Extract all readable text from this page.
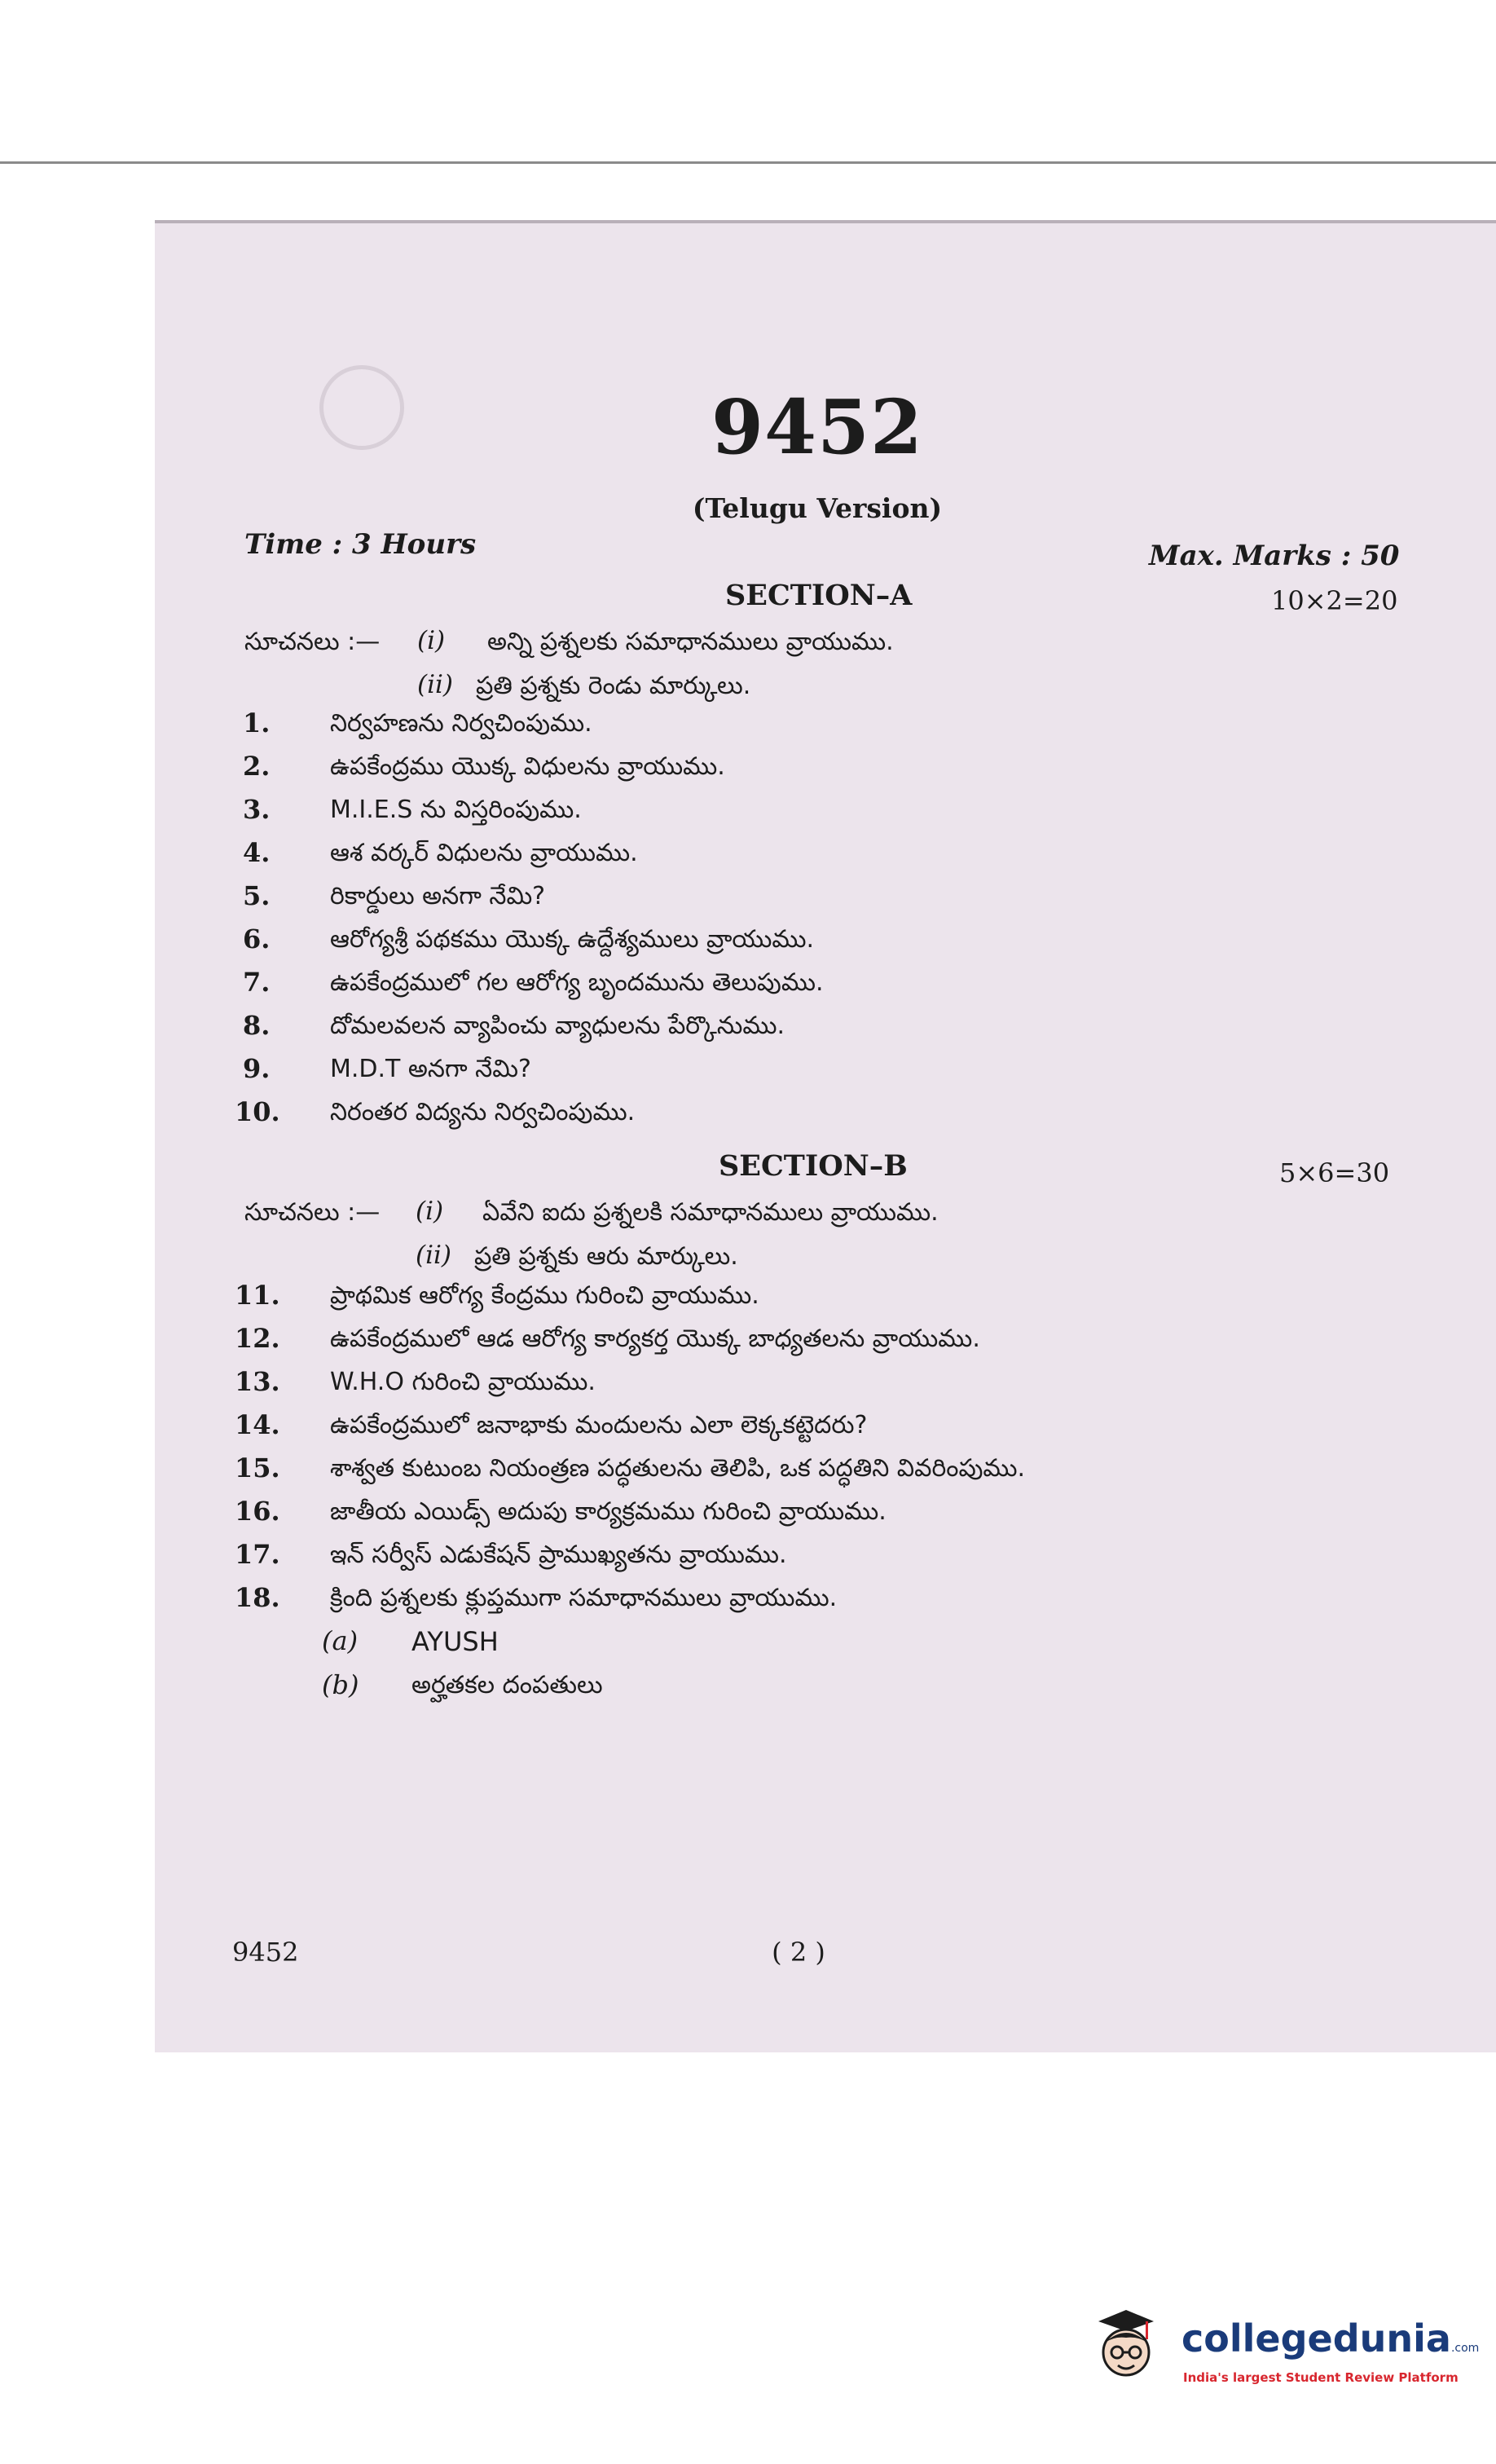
9452
(Telugu Version)
Time : 3 Hours	Max. Marks : 50
SECTION–A	10×2=20
సూచనలు :— (i) అన్ని ప్రశ్నలకు సమాధానములు వ్రాయుము.
(ii) ప్రతి ప్రశ్నకు రెండు మార్కులు.
1. నిర్వహణను నిర్వచింపుము.
2. ఉపకేంద్రము యొక్క విధులను వ్రాయుము.
3. M.I.E.S ను విస్తరింపుము.
4. ఆశ వర్కర్ విధులను వ్రాయుము.
5. రికార్డులు అనగా నేమి?
6. ఆరోగ్యశ్రీ పథకము యొక్క ఉద్దేశ్యములు వ్రాయుము.
7. ఉపకేంద్రములో గల ఆరోగ్య బృందమును తెలుపుము.
8. దోమలవలన వ్యాపించు వ్యాధులను పేర్కొనుము.
9. M.D.T అనగా నేమి?
10. నిరంతర విద్యను నిర్వచింపుము.
SECTION–B	5×6=30
సూచనలు :— (i) ఏవేని ఐదు ప్రశ్నలకి సమాధానములు వ్రాయుము.
(ii) ప్రతి ప్రశ్నకు ఆరు మార్కులు.
11. ప్రాథమిక ఆరోగ్య కేంద్రము గురించి వ్రాయుము.
12. ఉపకేంద్రములో ఆడ ఆరోగ్య కార్యకర్త యొక్క బాధ్యతలను వ్రాయుము.
13. W.H.O గురించి వ్రాయుము.
14. ఉపకేంద్రములో జనాభాకు మందులను ఎలా లెక్కకట్టెదరు?
15. శాశ్వత కుటుంబ నియంత్రణ పద్ధతులను తెలిపి, ఒక పద్ధతిని వివరింపుము.
16. జాతీయ ఎయిడ్స్ అదుపు కార్యక్రమము గురించి వ్రాయుము.
17. ఇన్ సర్వీస్ ఎడుకేషన్ ప్రాముఖ్యతను వ్రాయుము.
18. క్రింది ప్రశ్నలకు క్లుప్తముగా సమాధానములు వ్రాయుము.
(a) AYUSH
(b) అర్హతకల దంపతులు
9452	( 2 )
collegedunia.com
India's largest Student Review Platform
